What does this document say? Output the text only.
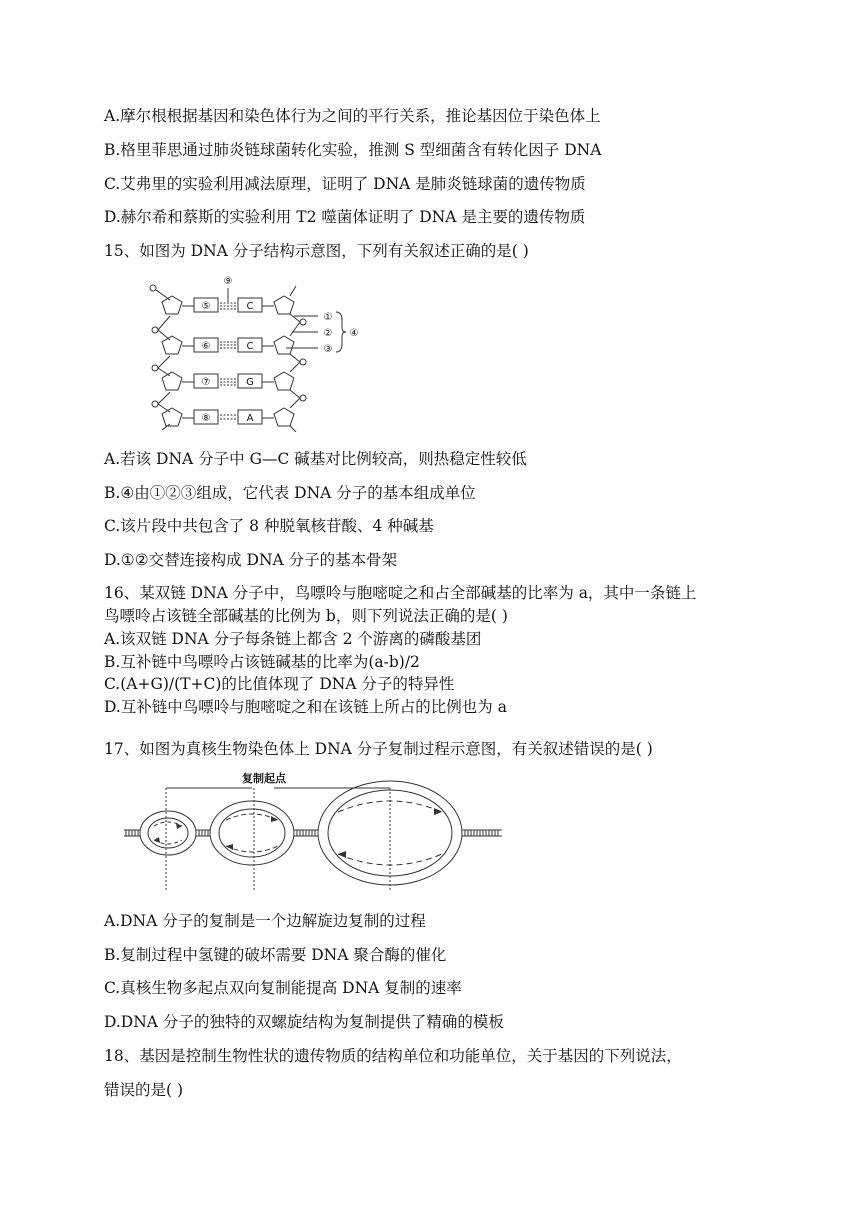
A.摩尔根根据基因和染色体行为之间的平行关系，推论基因位于染色体上
B.格里菲思通过肺炎链球菌转化实验，推测 S 型细菌含有转化因子 DNA
C.艾弗里的实验利用减法原理，证明了 DNA 是肺炎链球菌的遗传物质
D.赫尔希和蔡斯的实验利用 T2 噬菌体证明了 DNA 是主要的遗传物质
15、如图为 DNA 分子结构示意图，下列有关叙述正确的是( )
⑤
⑥
⑦
⑧
C
C
G
A
⑨
①
②
③
④
A.若该 DNA 分子中 G—C 碱基对比例较高，则热稳定性较低
B.④由①②③组成，它代表 DNA 分子的基本组成单位
C.该片段中共包含了 8 种脱氧核苷酸、4 种碱基
D.①②交替连接构成 DNA 分子的基本骨架
16、某双链 DNA 分子中，鸟嘌呤与胞嘧啶之和占全部碱基的比率为 a，其中一条链上
鸟嘌呤占该链全部碱基的比例为 b，则下列说法正确的是( )
A.该双链 DNA 分子每条链上都含 2 个游离的磷酸基团
B.互补链中鸟嘌呤占该链碱基的比率为(a-b)/2
C.(A+G)/(T+C)的比值体现了 DNA 分子的特异性
D.互补链中鸟嘌呤与胞嘧啶之和在该链上所占的比例也为 a
17、如图为真核生物染色体上 DNA 分子复制过程示意图，有关叙述错误的是( )
复制起点
A.DNA 分子的复制是一个边解旋边复制的过程
B.复制过程中氢键的破坏需要 DNA 聚合酶的催化
C.真核生物多起点双向复制能提高 DNA 复制的速率
D.DNA 分子的独特的双螺旋结构为复制提供了精确的模板
18、基因是控制生物性状的遗传物质的结构单位和功能单位，关于基因的下列说法，
错误的是( )
